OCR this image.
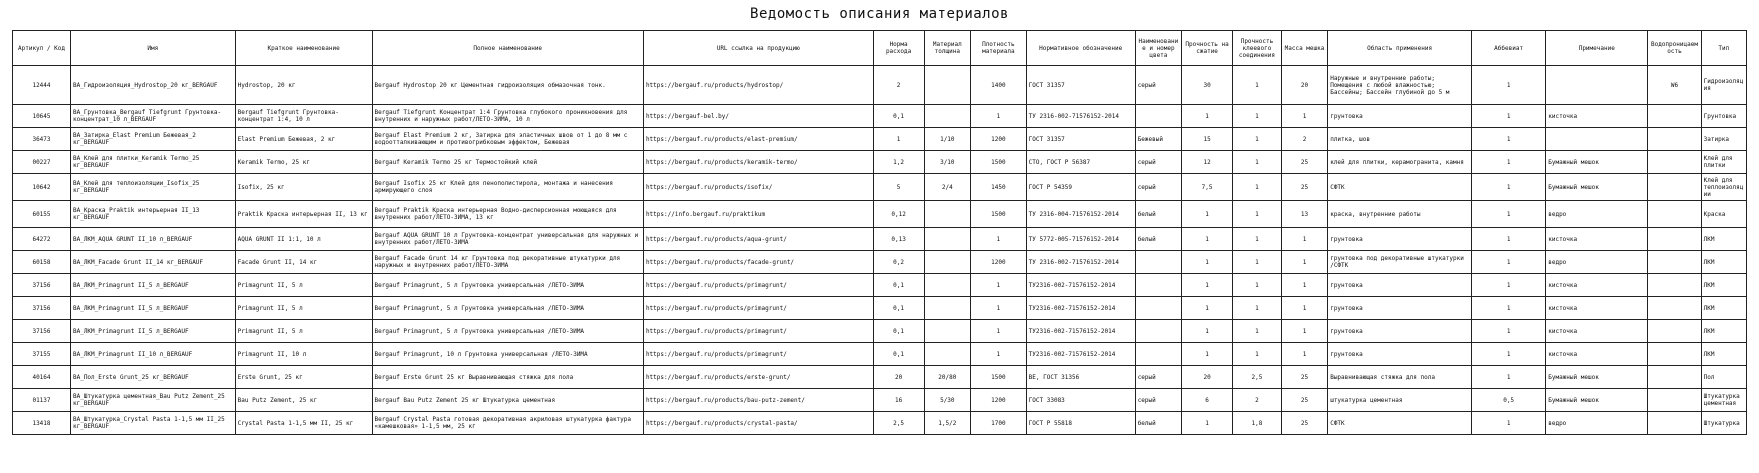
Ведомость описания материалов
Артикул / Код	Имя	Краткое наименование	Полное наименование	URL ссылка на продукцию	Норма расхода	Материал толщина	Плотность материала	Нормативное обозначение	Наименование и номер цвета	Прочность на сжатие	Прочность клеевого соединения	Масса мешка	Область применения	Аббевиат	Примечание	Водопроницаемость	Тип
12444	BA_Гидроизоляция_Hydrostop_20 кг_BERGAUF	Hydrostop, 20 кг	Bergauf Hydrostop 20 кг Цементная гидроизоляция обмазочная тонк.	https://bergauf.ru/products/hydrostop/	2		1400	ГОСТ 31357	серый	30	1	20	Наружные и внутренние работы; Помещения с любой влажностью; Бассейны; Бассейн глубиной до 5 м	1		W6	Гидроизоляция
10645	BA_Грунтовка_Bergauf Tiefgrunt Грунтовка-концентрат_10 л_BERGAUF	Bergauf Tiefgrunt Грунтовка-концентрат 1:4, 10 л	Bergauf Tiefgrunt Концентрат 1:4 Грунтовка глубокого проникновения для внутренних и наружных работ/ЛЕТО-ЗИМА, 10 л	https://bergauf-bel.by/	0,1		1	ТУ 2316-002-71576152-2014		1	1	1	грунтовка	1	кисточка		Грунтовка
36473	BA_Затирка_Elast Premium Бежевая_2 кг_BERGAUF	Elast Premium Бежевая, 2 кг	Bergauf Elast Premium 2 кг, Затирка для эластичных швов от 1 до 8 мм с водоотталкивающим и противогрибковым эффектом, Бежевая	https://bergauf.ru/products/elast-premium/	1	1/10	1200	ГОСТ 31357	Бежевый	15	1	2	плитка, шов	1			Затирка
00227	BA_Клей для плитки_Keramik Termo_25 кг_BERGAUF	Keramik Termo, 25 кг	Bergauf Keramik Termo 25 кг Термостойкий клей	https://bergauf.ru/products/keramik-termo/	1,2	3/10	1500	СТО, ГОСТ Р 56387	серый	12	1	25	клей для плитки, керамогранита, камня	1	Бумажный мешок		Клей для плитки
10642	BA_Клей для теплоизоляции_Isofix_25 кг_BERGAUF	Isofix, 25 кг	Bergauf Isofix 25 кг Клей для пенополистирола, монтажа и нанесения армирующего слоя	https://bergauf.ru/products/isofix/	5	2/4	1450	ГОСТ Р 54359	серый	7,5	1	25	СФТК	1	Бумажный мешок		Клей для теплоизоляции
60155	BA_Краска_Praktik интерьерная II_13 кг_BERGAUF	Praktik Краска интерьерная II, 13 кг	Bergauf Praktik Краска интерьерная Водно-дисперсионная моющаяся для внутренних работ/ЛЕТО-ЗИМА, 13 кг	https://info.bergauf.ru/praktikum	0,12		1500	ТУ 2316-004-71576152-2014	белый	1	1	13	краска, внутренние работы	1	ведро		Краска
64272	BA_ЛКМ_AQUA GRUNT II_10 л_BERGAUF	AQUA GRUNT II 1:1, 10 л	Bergauf AQUA GRUNT 10 л Грунтовка-концентрат универсальная для наружных и внутренних работ/ЛЕТО-ЗИМА	https://bergauf.ru/products/aqua-grunt/	0,13		1	ТУ 5772-005-71576152-2014	белый	1	1	1	грунтовка	1	кисточка		ЛКМ
60158	BA_ЛКМ_Facade Grunt II_14 кг_BERGAUF	Facade Grunt II, 14 кг	Bergauf Facade Grunt 14 кг Грунтовка под декоративные штукатурки для наружных и внутренних работ/ЛЕТО-ЗИМА	https://bergauf.ru/products/facade-grunt/	0,2		1200	ТУ 2316-002-71576152-2014		1	1	1	грунтовка под декоративные штукатурки /СФТК	1	ведро		ЛКМ
37156	BA_ЛКМ_Primagrunt II_5 л_BERGAUF	Primagrunt II, 5 л	Bergauf Primagrunt, 5 л Грунтовка универсальная /ЛЕТО-ЗИМА	https://bergauf.ru/products/primagrunt/	0,1		1	ТУ2316-002-71576152-2014		1	1	1	грунтовка	1	кисточка		ЛКМ
37156	BA_ЛКМ_Primagrunt II_5 л_BERGAUF	Primagrunt II, 5 л	Bergauf Primagrunt, 5 л Грунтовка универсальная /ЛЕТО-ЗИМА	https://bergauf.ru/products/primagrunt/	0,1		1	ТУ2316-002-71576152-2014		1	1	1	грунтовка	1	кисточка		ЛКМ
37156	BA_ЛКМ_Primagrunt II_5 л_BERGAUF	Primagrunt II, 5 л	Bergauf Primagrunt, 5 л Грунтовка универсальная /ЛЕТО-ЗИМА	https://bergauf.ru/products/primagrunt/	0,1		1	ТУ2316-002-71576152-2014		1	1	1	грунтовка	1	кисточка		ЛКМ
37155	BA_ЛКМ_Primagrunt II_10 л_BERGAUF	Primagrunt II, 10 л	Bergauf Primagrunt, 10 л Грунтовка универсальная /ЛЕТО-ЗИМА	https://bergauf.ru/products/primagrunt/	0,1		1	ТУ2316-002-71576152-2014		1	1	1	грунтовка	1	кисточка		ЛКМ
40164	BA_Пол_Erste Grunt_25 кг_BERGAUF	Erste Grunt, 25 кг	Bergauf Erste Grunt 25 кг Выравнивающая стяжка для пола	https://bergauf.ru/products/erste-grunt/	20	20/80	1500	ВЕ, ГОСТ 31356	серый	20	2,5	25	Выравнивающая стяжка для пола	1	Бумажный мешок		Пол
01137	BA_Штукатурка цементная_Bau Putz Zement_25 кг_BERGAUF	Bau Putz Zement, 25 кг	Bergauf Bau Putz Zement 25 кг Штукатурка цементная	https://bergauf.ru/products/bau-putz-zement/	16	5/30	1200	ГОСТ 33083	серый	6	2	25	штукатурка цементная	0,5	Бумажный мешок		Штукатурка цементная
13418	BA_Штукатурка_Crystal Pasta 1-1,5 мм II_25 кг_BERGAUF	Crystal Pasta 1-1,5 мм II, 25 кг	Bergauf Crystal Pasta готовая декоративная акриловая штукатурка фактура «камешковая» 1-1,5 мм, 25 кг	https://bergauf.ru/products/crystal-pasta/	2,5	1,5/2	1700	ГОСТ Р 55818	белый	1	1,8	25	СФТК	1	ведро		Штукатурка
